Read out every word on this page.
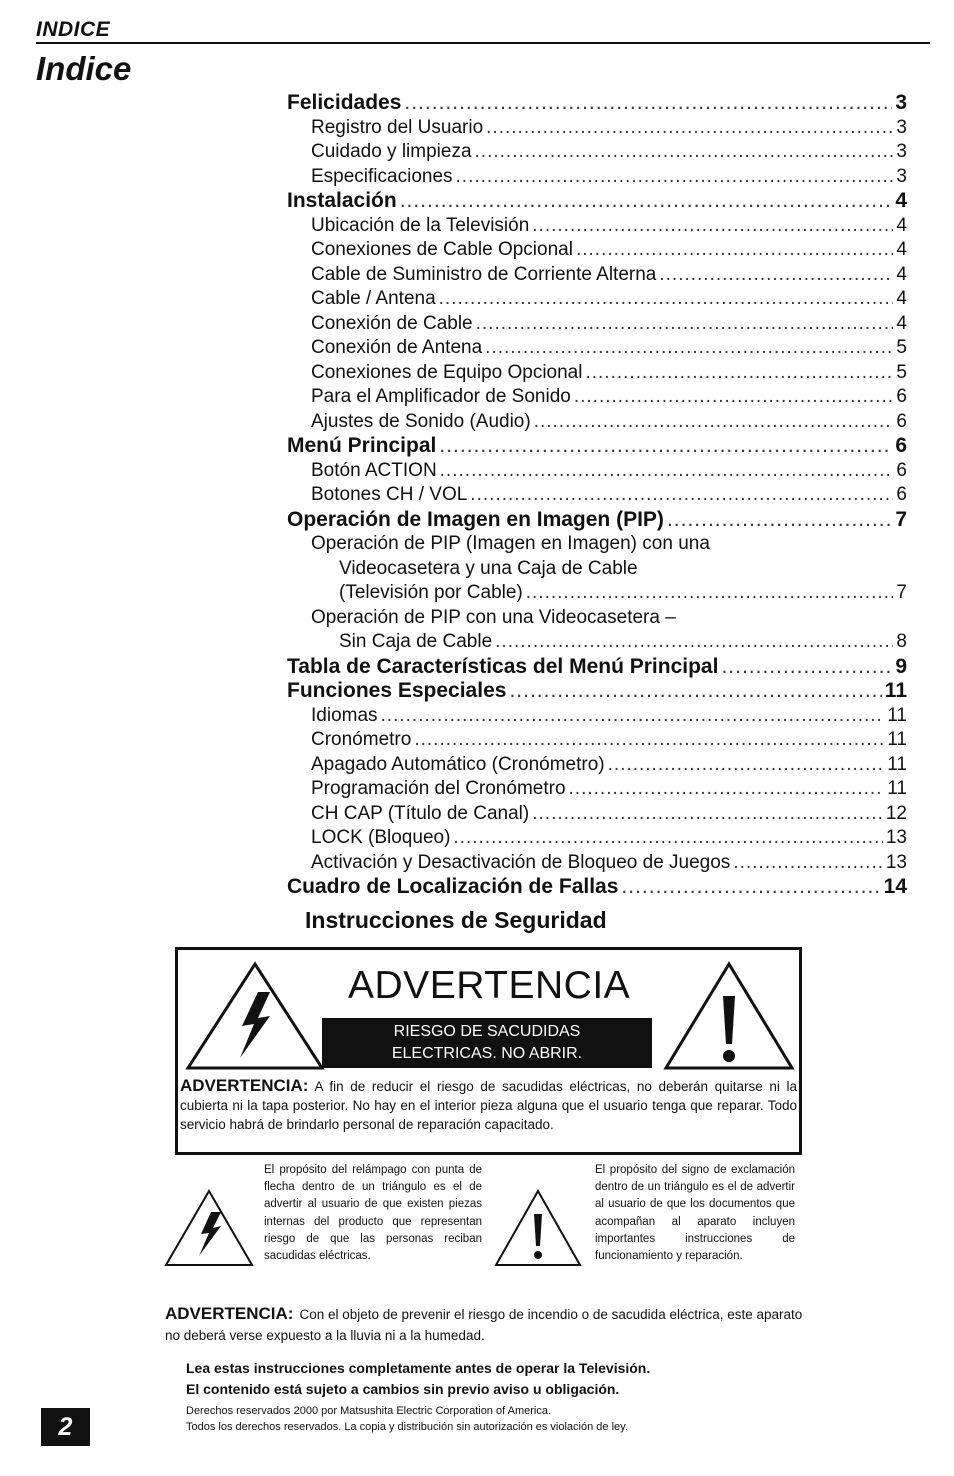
INDICE
Indice
Felicidades .....	3
Registro del Usuario .....	3
Cuidado y limpieza .....	3
Especificaciones .....	3
Instalación .....	4
Ubicación de la Televisión .....	4
Conexiones de Cable Opcional .....	4
Cable de Suministro de Corriente Alterna .....	4
Cable / Antena .....	4
Conexión de Cable .....	4
Conexión de Antena .....	5
Conexiones de Equipo Opcional .....	5
Para el Amplificador de Sonido .....	6
Ajustes de Sonido (Audio) .....	6
Menú Principal .....	6
Botón ACTION .....	6
Botones CH / VOL .....	6
Operación de Imagen en Imagen (PIP) .....	7
Operación de PIP (Imagen en Imagen) con una
Videocasetera y una Caja de Cable
(Televisión por Cable) .....	7
Operación de PIP con una Videocasetera –
Sin Caja de Cable .....	8
Tabla de Características del Menú Principal .....	9
Funciones Especiales .....	11
Idiomas .....	11
Cronómetro .....	11
Apagado Automático (Cronómetro) .....	11
Programación del Cronómetro .....	11
CH CAP (Título de Canal) .....	12
LOCK (Bloqueo) .....	13
Activación y Desactivación de Bloqueo de Juegos .....	13
Cuadro de Localización de Fallas .....	14
Instrucciones de Seguridad
ADVERTENCIA
RIESGO DE SACUDIDAS
ELECTRICAS. NO ABRIR.
ADVERTENCIA: A fin de reducir el riesgo de sacudidas eléctricas, no deberán quitarse ni la cubierta ni la tapa posterior. No hay en el interior pieza alguna que el usuario tenga que reparar. Todo servicio habrá de brindarlo personal de reparación capacitado.
El propósito del relámpago con punta de flecha dentro de un triángulo es el de advertir al usuario de que existen piezas internas del producto que representan riesgo de que las personas reciban sacudidas eléctricas.
El propósito del signo de exclamación dentro de un triángulo es el de advertir al usuario de que los documentos que acompañan al aparato incluyen importantes instrucciones de funcionamiento y reparación.
ADVERTENCIA: Con el objeto de prevenir el riesgo de incendio o de sacudida eléctrica, este aparato no deberá verse expuesto a la lluvia ni a la humedad.
Lea estas instrucciones completamente antes de operar la Televisión.
El contenido está sujeto a cambios sin previo aviso u obligación.
Derechos reservados 2000 por Matsushita Electric Corporation of America.
Todos los derechos reservados. La copia y distribución sin autorización es violación de ley.
2
